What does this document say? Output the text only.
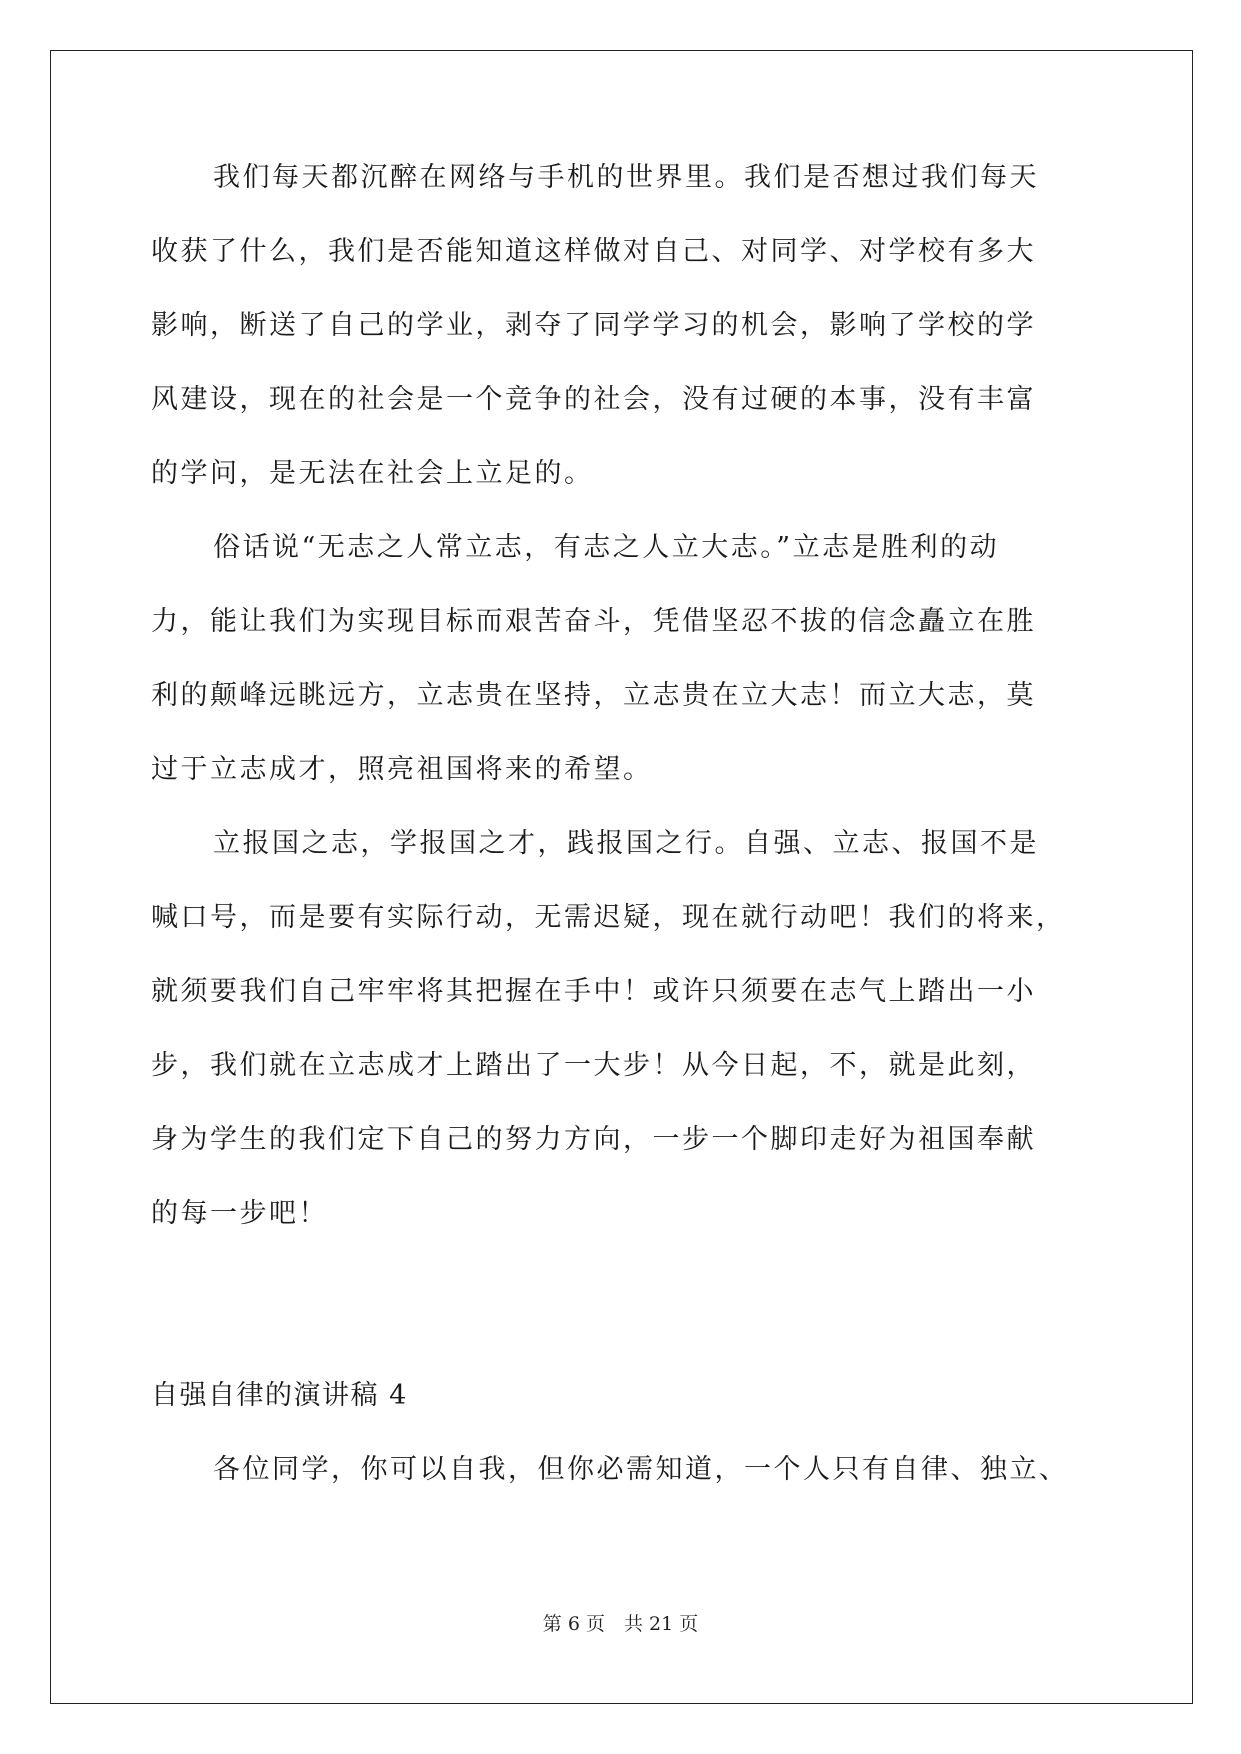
我们每天都沉醉在网络与手机的世界里。我们是否想过我们每天
收获了什么，我们是否能知道这样做对自己、对同学、对学校有多大
影响，断送了自己的学业，剥夺了同学学习的机会，影响了学校的学
风建设，现在的社会是一个竞争的社会，没有过硬的本事，没有丰富
的学问，是无法在社会上立足的。
俗话说“无志之人常立志，有志之人立大志。”立志是胜利的动
力，能让我们为实现目标而艰苦奋斗，凭借坚忍不拔的信念矗立在胜
利的颠峰远眺远方，立志贵在坚持，立志贵在立大志！而立大志，莫
过于立志成才，照亮祖国将来的希望。
立报国之志，学报国之才，践报国之行。自强、立志、报国不是
喊口号，而是要有实际行动，无需迟疑，现在就行动吧！我们的将来，
就须要我们自己牢牢将其把握在手中！或许只须要在志气上踏出一小
步，我们就在立志成才上踏出了一大步！从今日起，不，就是此刻，
身为学生的我们定下自己的努力方向，一步一个脚印走好为祖国奉献
的每一步吧！
各位同学，你可以自我，但你必需知道，一个人只有自律、独立、
自强自律的演讲稿 4
第 6 页　共 21 页
